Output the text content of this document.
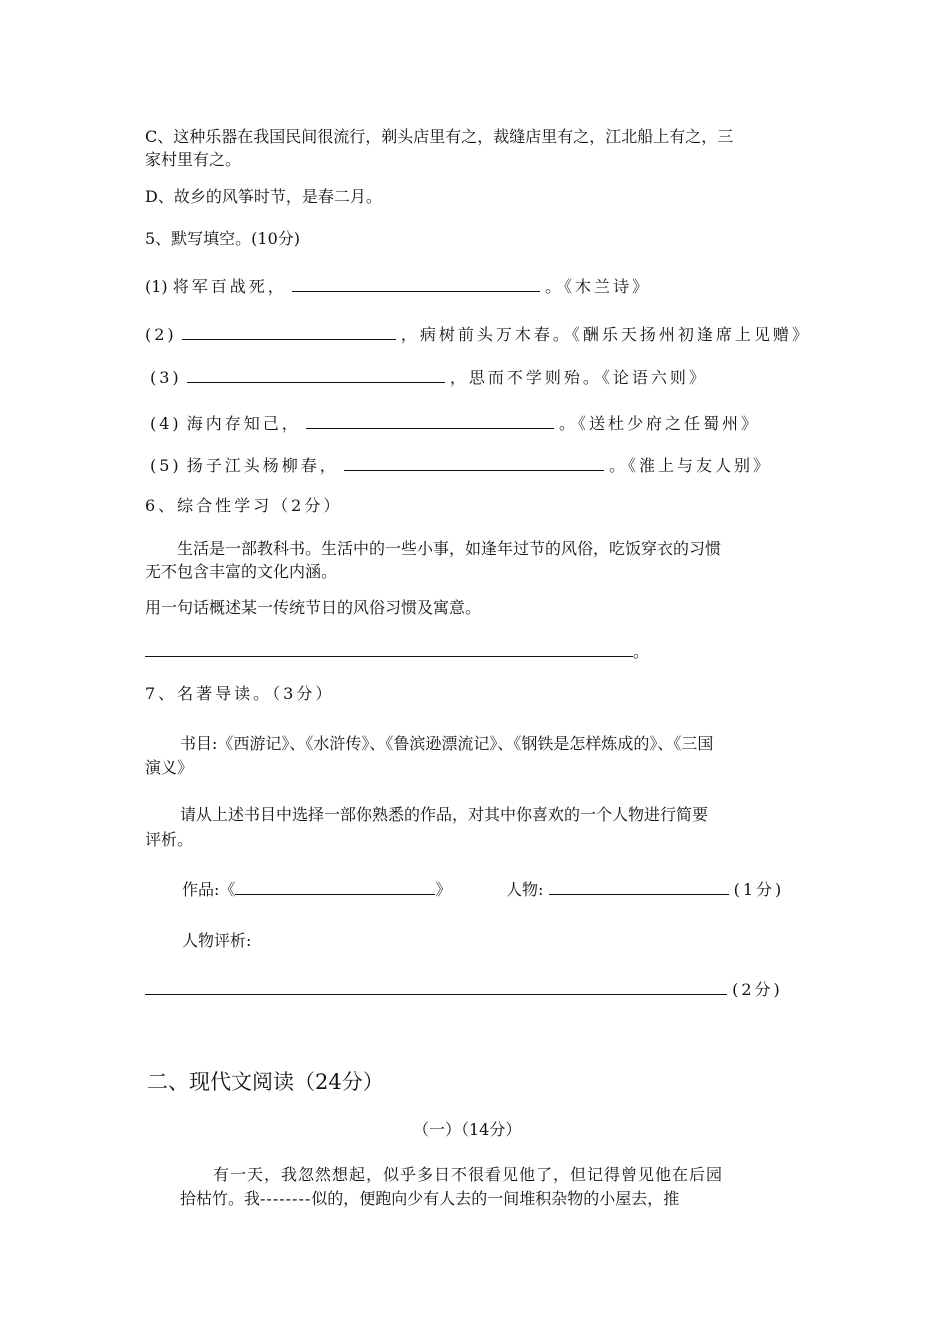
C、这种乐器在我国民间很流行，剃头店里有之，裁缝店里有之，江北船上有之，三
家村里有之。
D、故乡的风筝时节，是春二月。
5、默写填空。(10分)
(1) 将军百战死，	。《木兰诗》
(2)	，病树前头万木春。《酬乐天扬州初逢席上见赠》
(3)	，思而不学则殆。《论语六则》
(4) 海内存知己，	。《送杜少府之任蜀州》
(5) 扬子江头杨柳春，	。《淮上与友人别》
6、综合性学习（2分）
生活是一部教科书。生活中的一些小事，如逢年过节的风俗，吃饭穿衣的习惯
无不包含丰富的文化内涵。
用一句话概述某一传统节日的风俗习惯及寓意。
。
7、名著导读。（3分）
书目:《西游记》、《水浒传》、《鲁滨逊漂流记》、《钢铁是怎样炼成的》、《三国
演义》
请从上述书目中选择一部你熟悉的作品，对其中你喜欢的一个人物进行简要
评析。
作品:《	》	人物:	(1分)
人物评析:
(2分)
二、现代文阅读（24分）
（一）（14分）
有一天，我忽然想起，似乎多日不很看见他了，但记得曾见他在后园
拾枯竹。我--------似的，便跑向少有人去的一间堆积杂物的小屋去，推
